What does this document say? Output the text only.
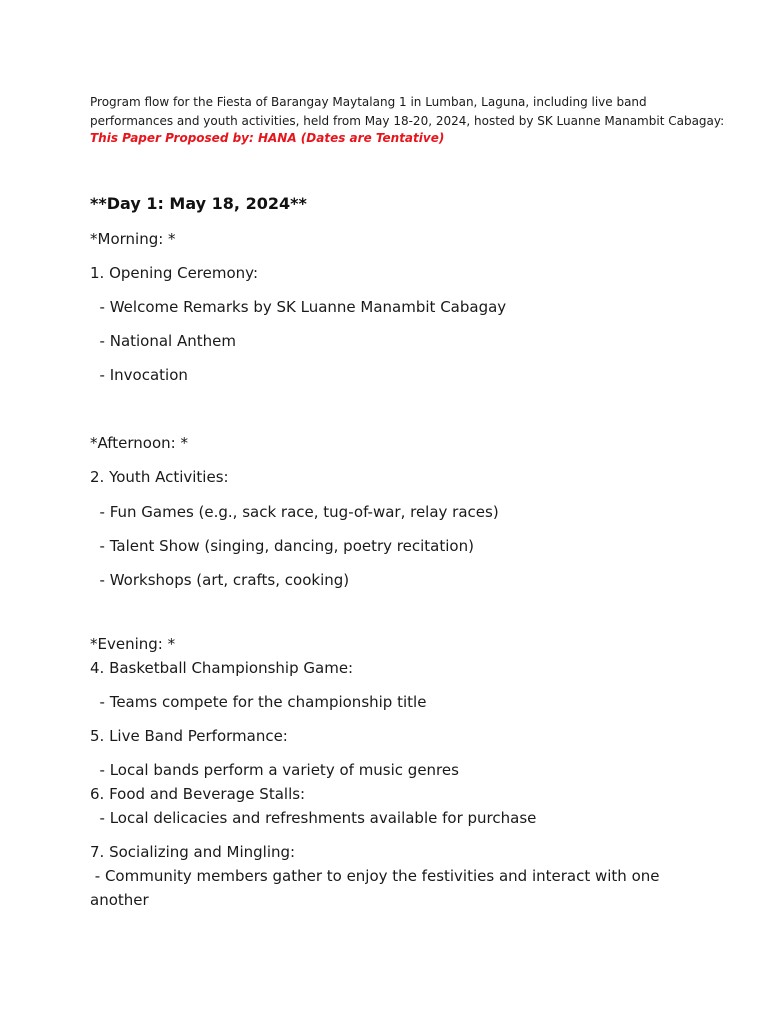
Program flow for the Fiesta of Barangay Maytalang 1 in Lumban, Laguna, including live band
performances and youth activities, held from May 18-20, 2024, hosted by SK Luanne Manambit Cabagay:
This Paper Proposed by: HANA (Dates are Tentative)
**Day 1: May 18, 2024**
*Morning: *
1. Opening Ceremony:
- Welcome Remarks by SK Luanne Manambit Cabagay
- National Anthem
- Invocation
*Afternoon: *
2. Youth Activities:
- Fun Games (e.g., sack race, tug-of-war, relay races)
- Talent Show (singing, dancing, poetry recitation)
- Workshops (art, crafts, cooking)
*Evening: *
4. Basketball Championship Game:
- Teams compete for the championship title
5. Live Band Performance:
- Local bands perform a variety of music genres
6. Food and Beverage Stalls:
- Local delicacies and refreshments available for purchase
7. Socializing and Mingling:
- Community members gather to enjoy the festivities and interact with one
another
